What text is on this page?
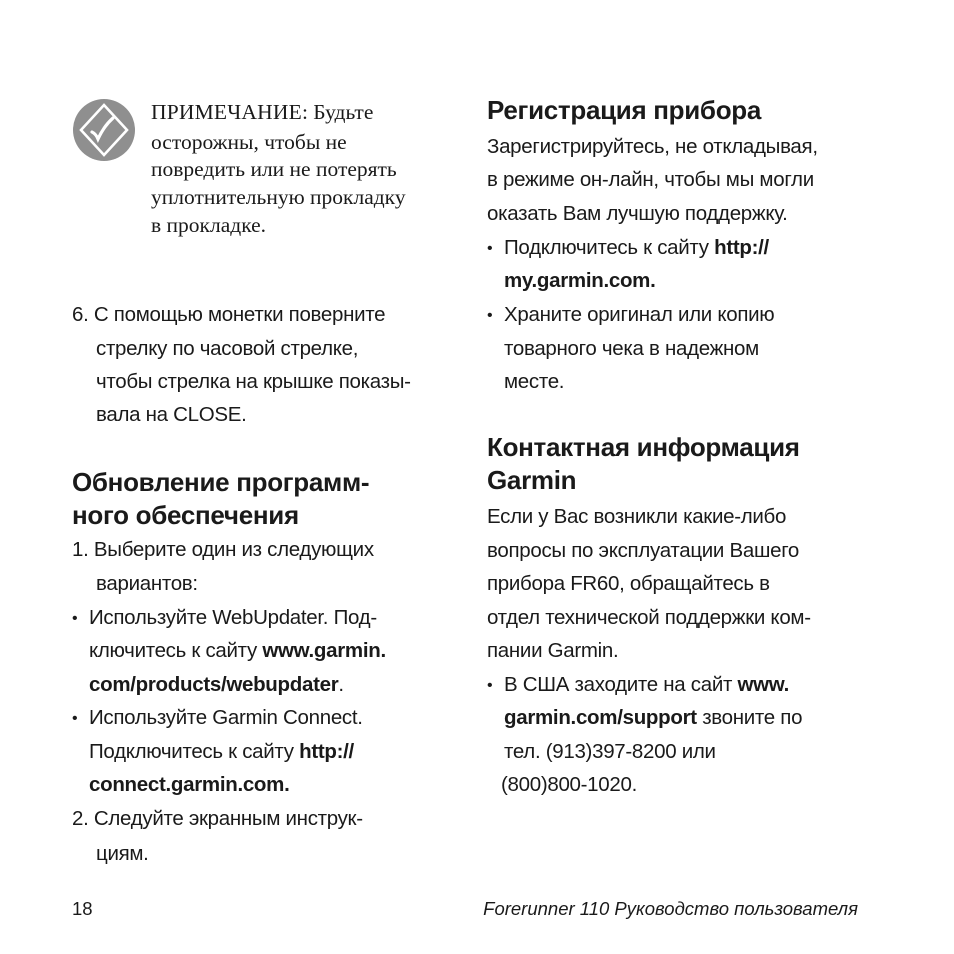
ПРИМЕЧАНИЕ: Будьте
осторожны, чтобы не
повредить или не потерять
уплотнительную прокладку
в прокладке.
6. С помощью монетки поверните
стрелку по часовой стрелке,
чтобы стрелка на крышке показы-
вала на CLOSE.
Обновление программ-
ного обеспечения
1. Выберите один из следующих
вариантов:
• Используйте WebUpdater. Под-
ключитесь к сайту www.garmin.
com/products/webupdater.
• Используйте Garmin Connect.
Подключитесь к сайту http://
connect.garmin.com.
2. Следуйте экранным инструк-
циям.
Регистрация прибора
Зарегистрируйтесь, не откладывая,
в режиме он-лайн, чтобы мы могли
оказать Вам лучшую поддержку.
• Подключитесь к сайту http://
my.garmin.com.
• Храните оригинал или копию
товарного чека в надежном
месте.
Контактная информация
Garmin
Если у Вас возникли какие-либо
вопросы по эксплуатации Вашего
прибора FR60, обращайтесь в
отдел технической поддержки ком-
пании Garmin.
• В США заходите на сайт www.
garmin.com/support звоните по
тел. (913)397-8200 или
(800)800-1020.
18	Forerunner 110 Руководство пользователя
